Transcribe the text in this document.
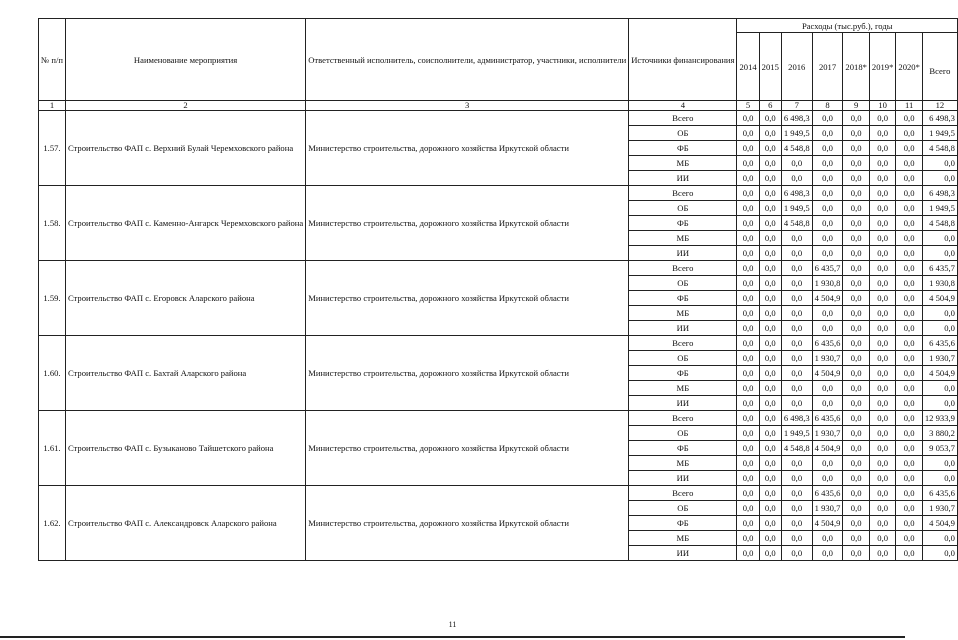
№ п/п	Наименование мероприятия	Ответственный исполнитель, соисполнители, администратор, участники, исполнители	Источники финансирования	Расходы (тыс.руб.), годы							
				2014	2015	2016	2017	2018*	2019*	2020*	Всего
1	2	3	4	5	6	7	8	9	10	11	12
1.57.	Строительство ФАП с. Верхний Булай Черемховского района	Министерство строительства, дорожного хозяйства Иркутской области	Всего	0,0	0,0	6 498,3	0,0	0,0	0,0	0,0	6 498,3
			ОБ	0,0	0,0	1 949,5	0,0	0,0	0,0	0,0	1 949,5
			ФБ	0,0	0,0	4 548,8	0,0	0,0	0,0	0,0	4 548,8
			МБ	0,0	0,0	0,0	0,0	0,0	0,0	0,0	0,0
			ИИ	0,0	0,0	0,0	0,0	0,0	0,0	0,0	0,0
1.58.	Строительство ФАП с. Каменно-Ангарск Черемховского района	Министерство строительства, дорожного хозяйства Иркутской области	Всего	0,0	0,0	6 498,3	0,0	0,0	0,0	0,0	6 498,3
			ОБ	0,0	0,0	1 949,5	0,0	0,0	0,0	0,0	1 949,5
			ФБ	0,0	0,0	4 548,8	0,0	0,0	0,0	0,0	4 548,8
			МБ	0,0	0,0	0,0	0,0	0,0	0,0	0,0	0,0
			ИИ	0,0	0,0	0,0	0,0	0,0	0,0	0,0	0,0
1.59.	Строительство ФАП с. Егоровск Аларского района	Министерство строительства, дорожного хозяйства Иркутской области	Всего	0,0	0,0	0,0	6 435,7	0,0	0,0	0,0	6 435,7
			ОБ	0,0	0,0	0,0	1 930,8	0,0	0,0	0,0	1 930,8
			ФБ	0,0	0,0	0,0	4 504,9	0,0	0,0	0,0	4 504,9
			МБ	0,0	0,0	0,0	0,0	0,0	0,0	0,0	0,0
			ИИ	0,0	0,0	0,0	0,0	0,0	0,0	0,0	0,0
1.60.	Строительство ФАП с. Бахтай Аларского района	Министерство строительства, дорожного хозяйства Иркутской области	Всего	0,0	0,0	0,0	6 435,6	0,0	0,0	0,0	6 435,6
			ОБ	0,0	0,0	0,0	1 930,7	0,0	0,0	0,0	1 930,7
			ФБ	0,0	0,0	0,0	4 504,9	0,0	0,0	0,0	4 504,9
			МБ	0,0	0,0	0,0	0,0	0,0	0,0	0,0	0,0
			ИИ	0,0	0,0	0,0	0,0	0,0	0,0	0,0	0,0
1.61.	Строительство ФАП с. Бузыканово Тайшетского района	Министерство строительства, дорожного хозяйства Иркутской области	Всего	0,0	0,0	6 498,3	6 435,6	0,0	0,0	0,0	12 933,9
			ОБ	0,0	0,0	1 949,5	1 930,7	0,0	0,0	0,0	3 880,2
			ФБ	0,0	0,0	4 548,8	4 504,9	0,0	0,0	0,0	9 053,7
			МБ	0,0	0,0	0,0	0,0	0,0	0,0	0,0	0,0
			ИИ	0,0	0,0	0,0	0,0	0,0	0,0	0,0	0,0
1.62.	Строительство ФАП с. Александровск Аларского района	Министерство строительства, дорожного хозяйства Иркутской области	Всего	0,0	0,0	0,0	6 435,6	0,0	0,0	0,0	6 435,6
			ОБ	0,0	0,0	0,0	1 930,7	0,0	0,0	0,0	1 930,7
			ФБ	0,0	0,0	0,0	4 504,9	0,0	0,0	0,0	4 504,9
			МБ	0,0	0,0	0,0	0,0	0,0	0,0	0,0	0,0
			ИИ	0,0	0,0	0,0	0,0	0,0	0,0	0,0	0,0
11
